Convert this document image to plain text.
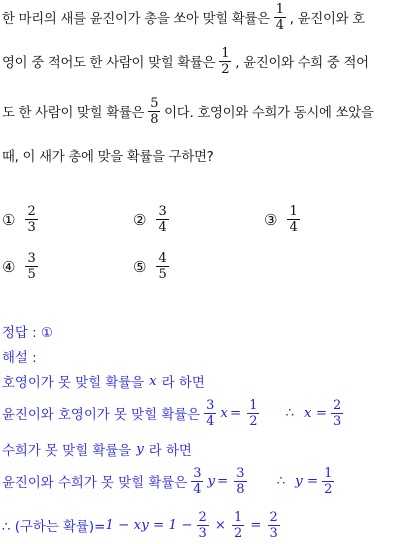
한 마리의 새를 윤진이가 총을 쏘아 맞힐 확률은 $\frac{1}{4}$ , 윤진이와 호
영이 중 적어도 한 사람이 맞힐 확률은 $\frac{1}{2}$ , 윤진이와 수희 중 적어
도 한 사람이 맞힐 확률은 $\frac{5}{8}$ 이다. 호영이와 수희가 동시에 쏘았을
때, 이 새가 총에 맞을 확률을 구하면?
① $\frac{2}{3}$	② $\frac{3}{4}$	③ $\frac{1}{4}$
④ $\frac{3}{5}$	⑤ $\frac{4}{5}$
정답 : ①
해설 :
호영이가 못 맞힐 확률을 x 라 하면
윤진이와 호영이가 못 맞힐 확률은 $\frac{3}{4}$ $x = \frac{1}{2}$ ∴ $x = \frac{2}{3}$
수희가 못 맞힐 확률을 y 라 하면
윤진이와 수희가 못 맞힐 확률은 $\frac{3}{4}$ $y = \frac{3}{8}$ ∴ $y = \frac{1}{2}$
∴ (구하는 확률)= 1 − xy = $1 - \frac{2}{3} \times \frac{1}{2} = \frac{2}{3}$
